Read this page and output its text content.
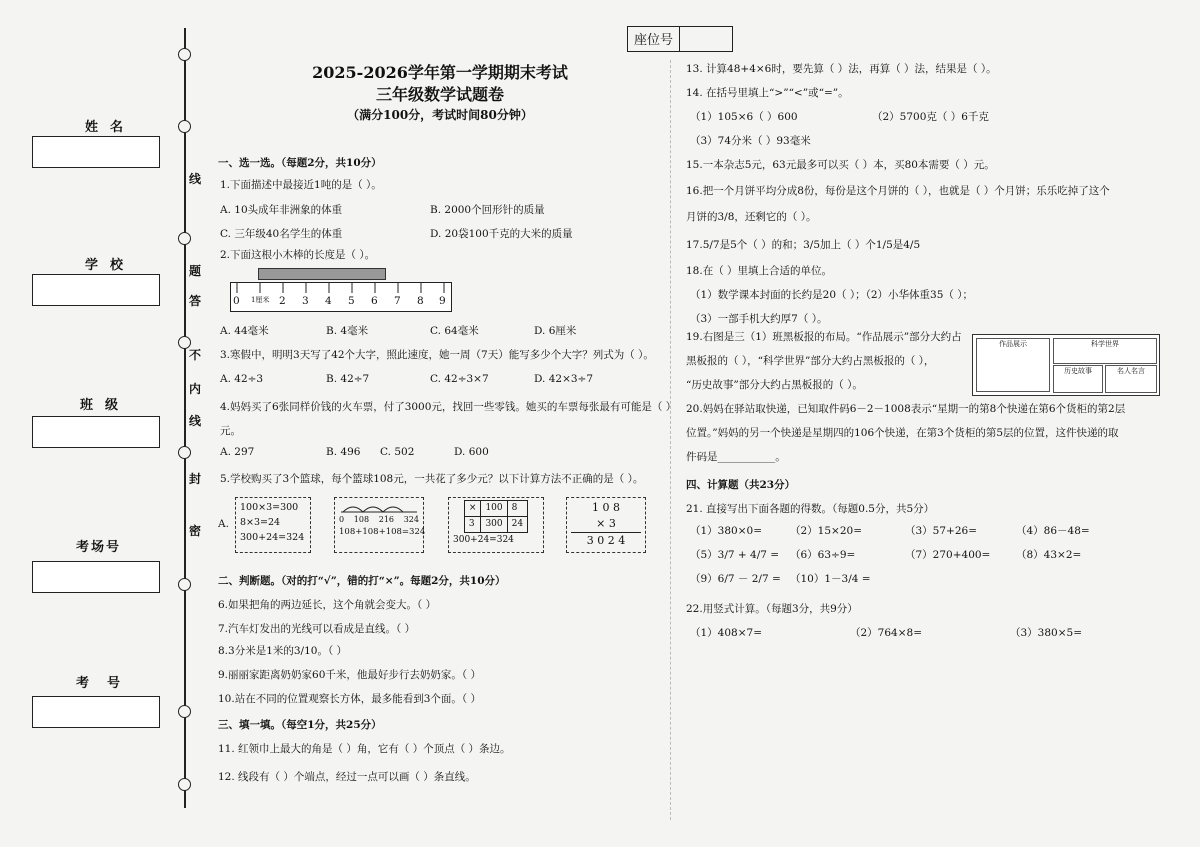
姓名
学校
班级
考场号
考号
线
题
答
不
内
线
封
密
座位号
2025-2026学年第一学期期末考试
三年级数学试题卷
（满分100分，考试时间80分钟）
一、选一选。（每题2分，共10分）
1.下面描述中最接近1吨的是（ ）。
A. 10头成年非洲象的体重	B. 2000个回形针的质量
C. 三年级40名学生的体重	D. 20袋100千克的大米的质量
2.下面这根小木棒的长度是（ ）。
0 1厘米 2 3 4 5 6 7 8 9
A. 44毫米	B. 4毫米	C. 64毫米	D. 6厘米
3.寒假中，明明3天写了42个大字，照此速度，她一周（7天）能写多少个大字？列式为（ ）。
A. 42÷3	B. 42÷7	C. 42÷3×7	D. 42×3÷7
4.妈妈买了6张同样价钱的火车票，付了3000元，找回一些零钱。她买的车票每张最有可能是（ ）
元。
A. 297	B. 496 C. 502	D. 600
5.学校购买了3个篮球，每个篮球108元，一共花了多少元？以下计算方法不正确的是（ ）。
A.
100×3=300
8×3=24
300+24=324
0 108 216 324
108+108+108=324
×	100	8
3	300	24
300+24=324
1 0 8
× 3
3 0 2 4
二、判断题。（对的打“√”，错的打“×”。每题2分，共10分）
6.如果把角的两边延长，这个角就会变大。（ ）
7.汽车灯发出的光线可以看成是直线。（ ）
8.3分米是1米的3/10。（ ）
9.丽丽家距离奶奶家60千米，他最好步行去奶奶家。（ ）
10.站在不同的位置观察长方体，最多能看到3个面。（ ）
三、填一填。（每空1分，共25分）
11. 红领巾上最大的角是（ ）角，它有（ ）个顶点（ ）条边。
12. 线段有（ ）个端点，经过一点可以画（ ）条直线。
13. 计算48+4×6时，要先算（ ）法，再算（ ）法，结果是（ ）。
14. 在括号里填上“>”“<”或“=”。
（1）105×6（ ）600	（2）5700克（ ）6千克
（3）74分米（ ）93毫米
15.一本杂志5元，63元最多可以买（ ）本，买80本需要（ ）元。
16.把一个月饼平均分成8份，每份是这个月饼的（ ），也就是（ ）个月饼；乐乐吃掉了这个
月饼的3/8，还剩它的（ ）。
17.5/7是5个（ ）的和；3/5加上（ ）个1/5是4/5
18.在（ ）里填上合适的单位。
（1）数学课本封面的长约是20（ ）；（2）小华体重35（ ）；
（3）一部手机大约厚7（ ）。
19.右图是三（1）班黑板报的布局。“作品展示”部分大约占
黑板报的（ ），“科学世界”部分大约占黑板报的（ ），
“历史故事”部分大约占黑板报的（ ）。
作品展示	科学世界
历史故事	名人名言
20.妈妈在驿站取快递，已知取件码6－2－1008表示“星期一的第8个快递在第6个货柜的第2层
位置。”妈妈的另一个快递是星期四的106个快递，在第3个货柜的第5层的位置，这件快递的取
件码是___________。
四、计算题（共23分）
21. 直接写出下面各题的得数。（每题0.5分，共5分）
（1）380×0=	（2）15×20=	（3）57+26=	（4）86－48=
（5）3/7 + 4/7 = （6）63÷9=	（7）270+400= （8）43×2=
（9）6/7 － 2/7 = （10）1－3/4 =
22.用竖式计算。（每题3分，共9分）
（1）408×7=	（2）764×8=	（3）380×5=
